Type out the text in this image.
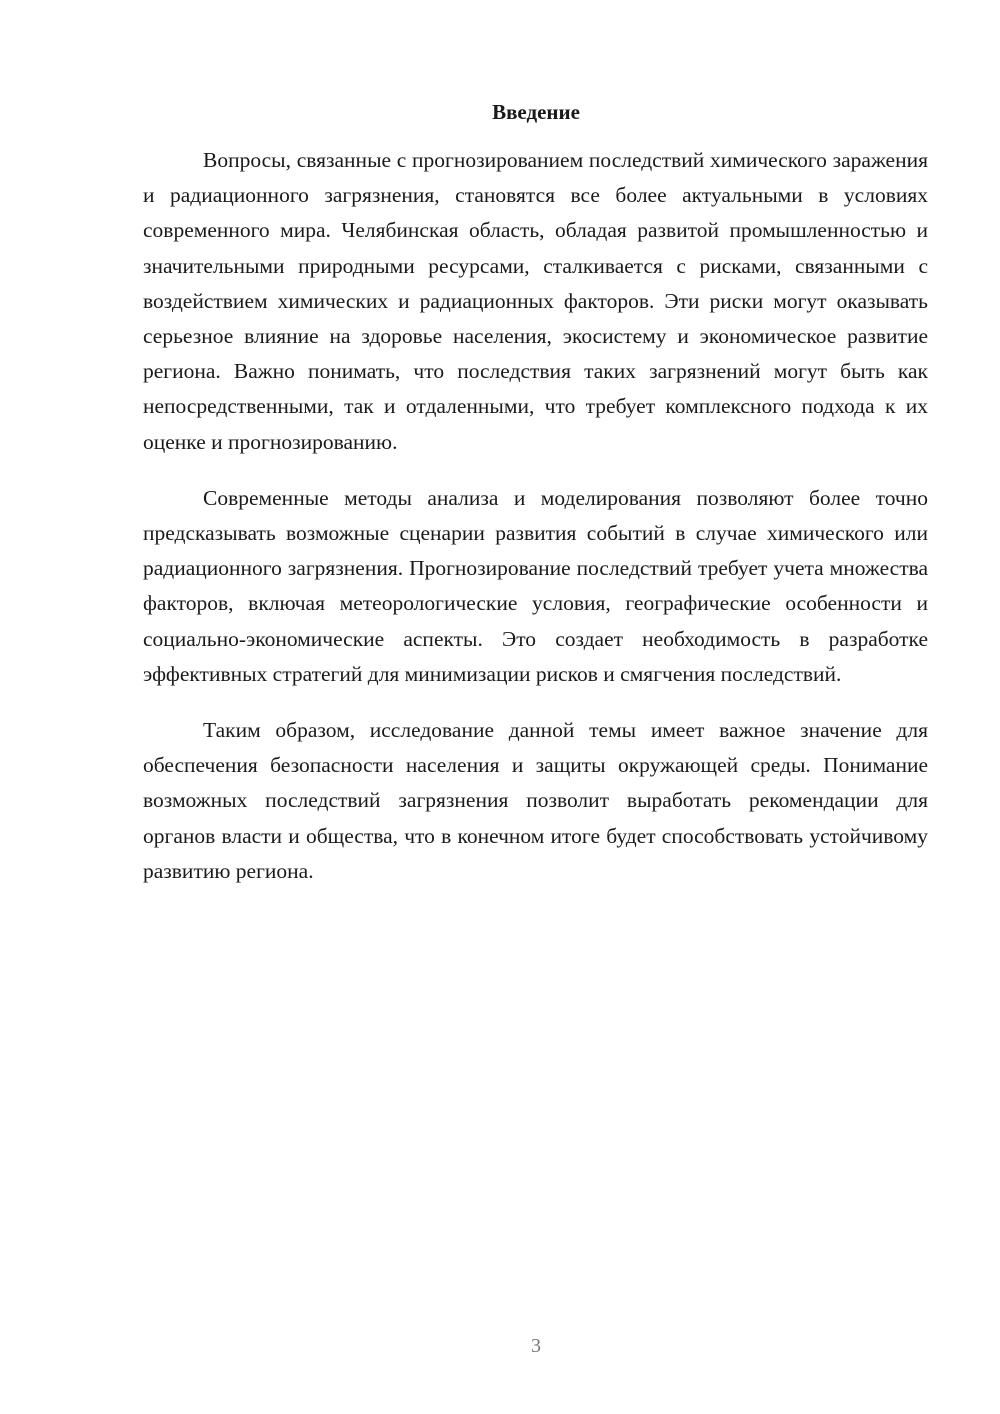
Введение

Вопросы, связанные с прогнозированием последствий химического заражения и радиационного загрязнения, становятся все более актуальными в условиях современного мира. Челябинская область, обладая развитой промышленностью и значительными природными ресурсами, сталкивается с рисками, связанными с воздействием химических и радиационных факторов. Эти риски могут оказывать серьезное влияние на здоровье населения, экосистему и экономическое развитие региона. Важно понимать, что последствия таких загрязнений могут быть как непосредственными, так и отдаленными, что требует комплексного подхода к их оценке и прогнозированию.

Современные методы анализа и моделирования позволяют более точно предсказывать возможные сценарии развития событий в случае химического или радиационного загрязнения. Прогнозирование последствий требует учета множества факторов, включая метеорологические условия, географические особенности и социально-экономические аспекты. Это создает необходимость в разработке эффективных стратегий для минимизации рисков и смягчения последствий.

Таким образом, исследование данной темы имеет важное значение для обеспечения безопасности населения и защиты окружающей среды. Понимание возможных последствий загрязнения позволит выработать рекомендации для органов власти и общества, что в конечном итоге будет способствовать устойчивому развитию региона.

3
